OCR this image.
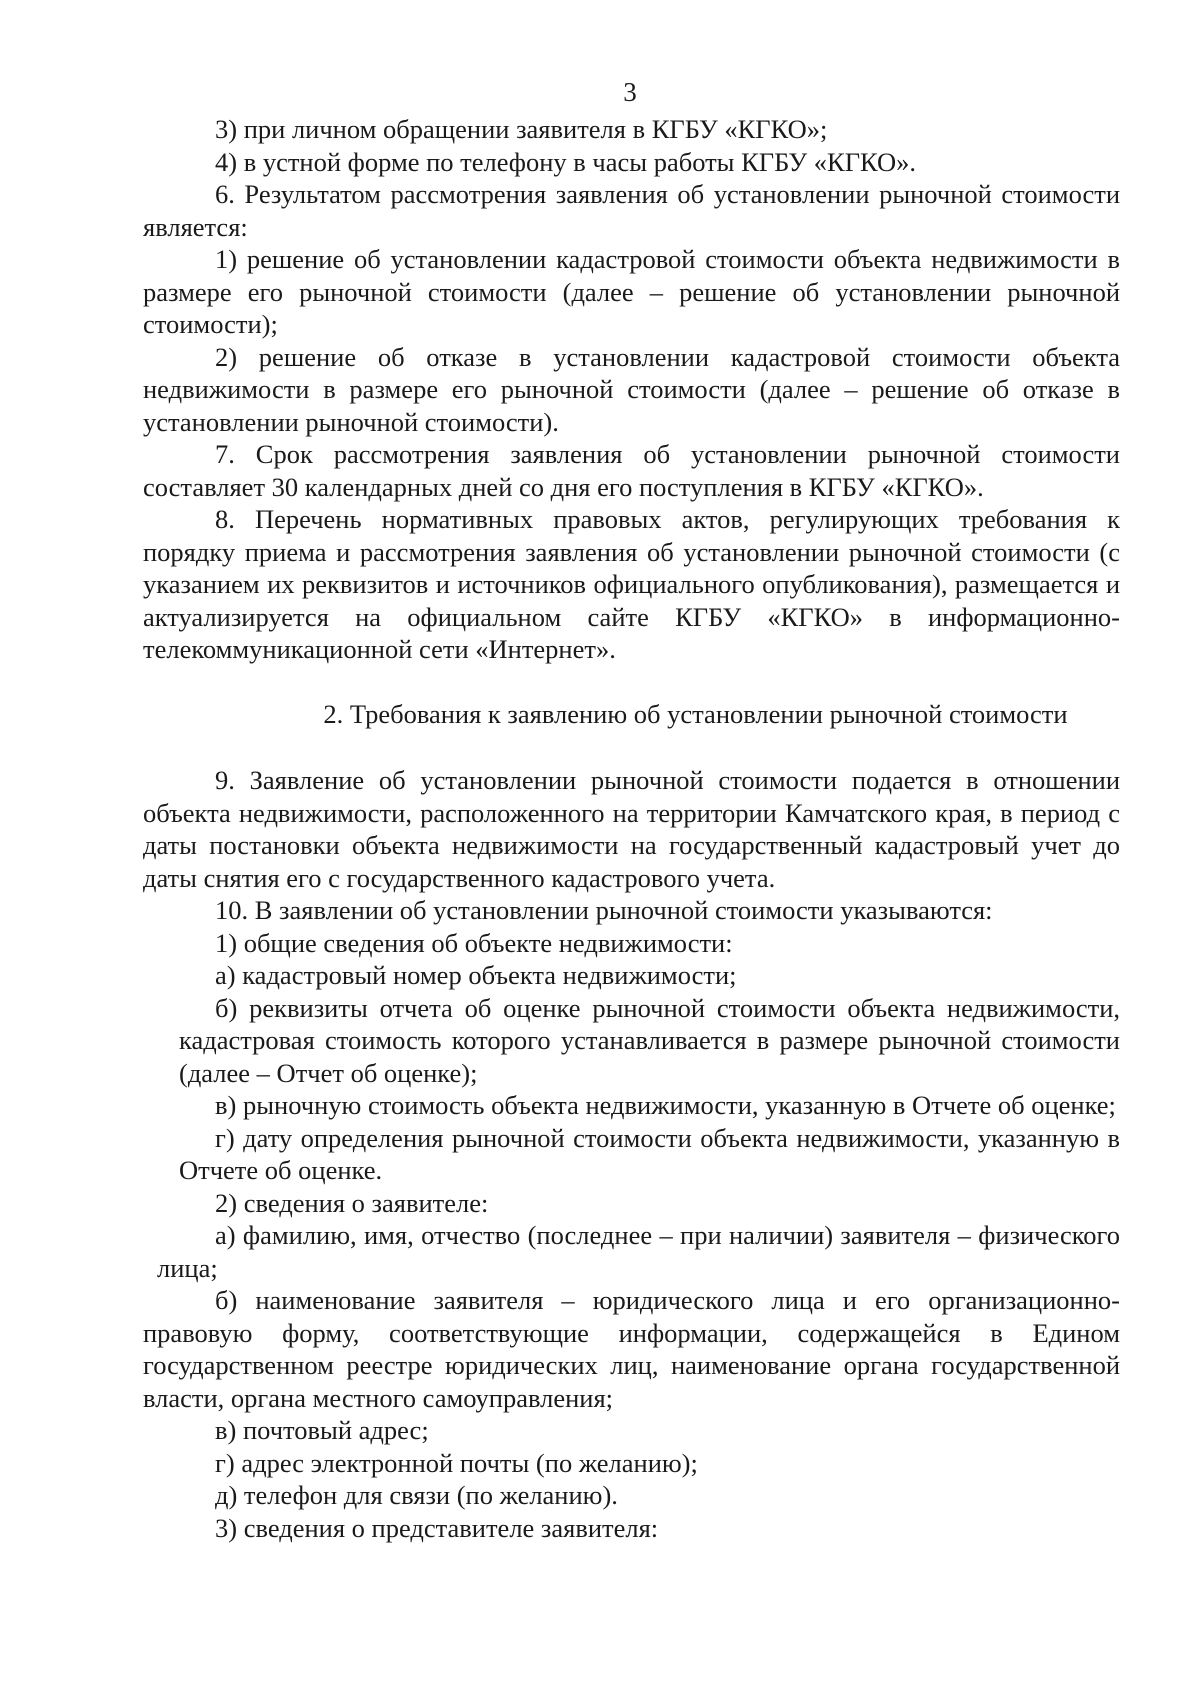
3

3) при личном обращении заявителя в КГБУ «КГКО»;

4) в устной форме по телефону в часы работы КГБУ «КГКО».

6. Результатом рассмотрения заявления об установлении рыночной стоимости является:

1) решение об установлении кадастровой стоимости объекта недвижимости в размере его рыночной стоимости (далее – решение об установлении рыночной стоимости);

2) решение об отказе в установлении кадастровой стоимости объекта недвижимости в размере его рыночной стоимости (далее – решение об отказе в установлении рыночной стоимости).

7. Срок рассмотрения заявления об установлении рыночной стоимости составляет 30 календарных дней со дня его поступления в КГБУ «КГКО».

8. Перечень нормативных правовых актов, регулирующих требования к порядку приема и рассмотрения заявления об установлении рыночной стоимости (с указанием их реквизитов и источников официального опубликования), размещается и актуализируется на официальном сайте КГБУ «КГКО» в информационно-телекоммуникационной сети «Интернет».

2. Требования к заявлению об установлении рыночной стоимости

9. Заявление об установлении рыночной стоимости подается в отношении объекта недвижимости, расположенного на территории Камчатского края, в период с даты постановки объекта недвижимости на государственный кадастровый учет до даты снятия его с государственного кадастрового учета.

10. В заявлении об установлении рыночной стоимости указываются:

1) общие сведения об объекте недвижимости:

а) кадастровый номер объекта недвижимости;

б) реквизиты отчета об оценке рыночной стоимости объекта недвижимости, кадастровая стоимость которого устанавливается в размере рыночной стоимости (далее – Отчет об оценке);

в) рыночную стоимость объекта недвижимости, указанную в Отчете об оценке;

г) дату определения рыночной стоимости объекта недвижимости, указанную в Отчете об оценке.

2) сведения о заявителе:

а) фамилию, имя, отчество (последнее – при наличии) заявителя – физического лица;

б) наименование заявителя – юридического лица и его организационно-правовую форму, соответствующие информации, содержащейся в Едином государственном реестре юридических лиц, наименование органа государственной власти, органа местного самоуправления;

в) почтовый адрес;

г) адрес электронной почты (по желанию);

д) телефон для связи (по желанию).

3) сведения о представителе заявителя:
